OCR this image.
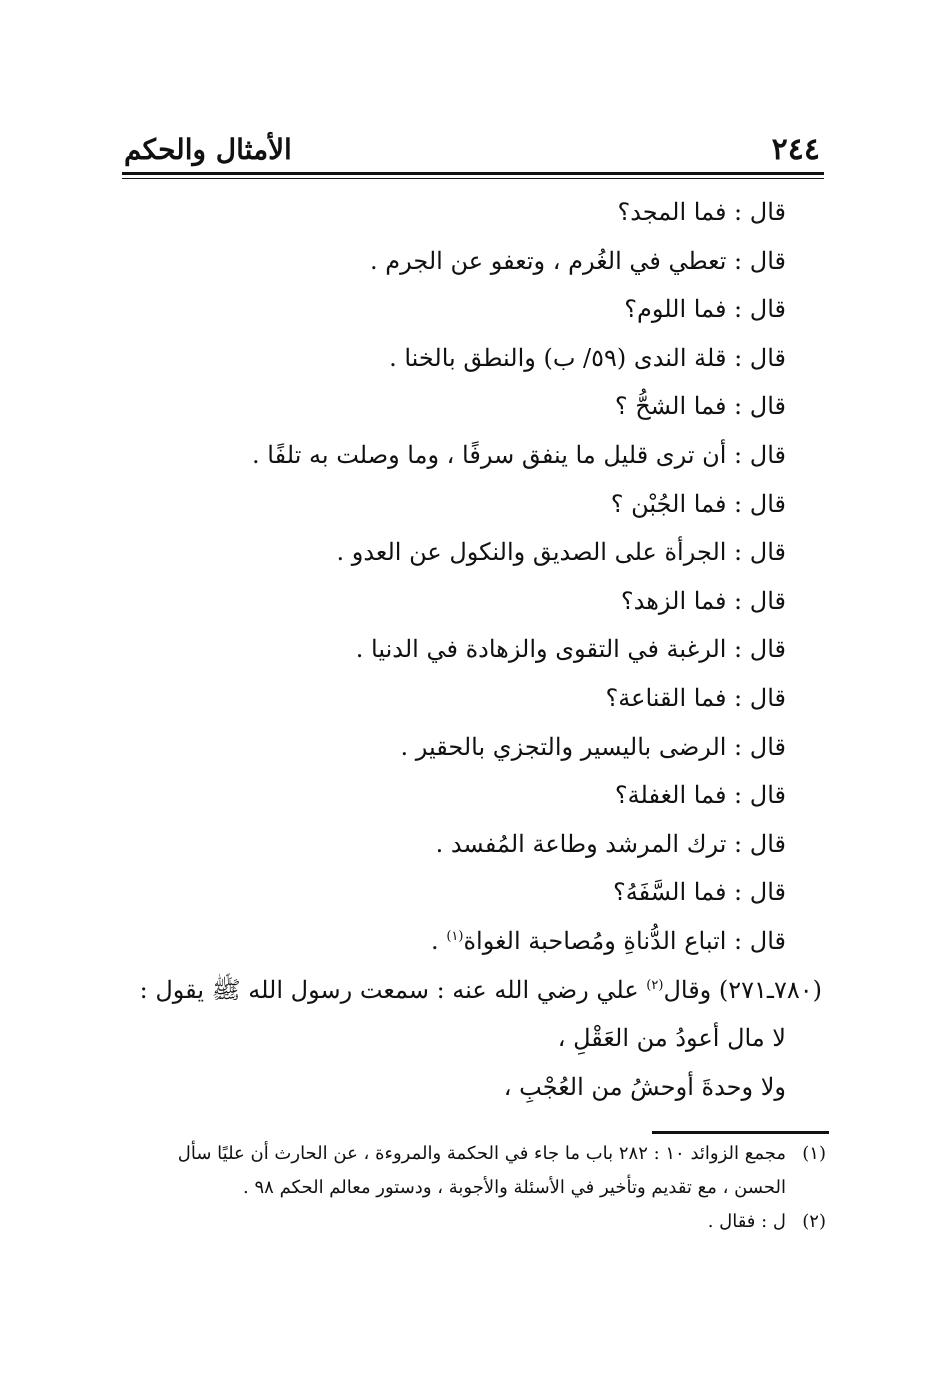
٢٤٤
الأمثال والحكم
قال : فما المجد؟
قال : تعطي في الغُرم ، وتعفو عن الجرم .
قال : فما اللوم؟
قال : قلة الندى (٥٩/ ب) والنطق بالخنا .
قال : فما الشحُّ ؟
قال : أن ترى قليل ما ينفق سرفًا ، وما وصلت به تلفًا .
قال : فما الجُبْن ؟
قال : الجرأة على الصديق والنكول عن العدو .
قال : فما الزهد؟
قال : الرغبة في التقوى والزهادة في الدنيا .
قال : فما القناعة؟
قال : الرضى باليسير والتجزي بالحقير .
قال : فما الغفلة؟
قال : ترك المرشد وطاعة المُفسد .
قال : فما السَّفَهُ؟
قال : اتباع الدُّناةِ ومُصاحبة الغواة$^{(١)}$ .
(٧٨٠ـ٢٧١) وقال$^{(٢)}$ علي رضي الله عنه : سمعت رسول الله ﷺ يقول :
لا مال أعودُ من العَقْلِ ،
ولا وحدةَ أوحشُ من العُجْبِ ،
(١)مجمع الزوائد ١٠ : ٢٨٢ باب ما جاء في الحكمة والمروءة ، عن الحارث أن عليًا سأل
الحسن ، مع تقديم وتأخير في الأسئلة والأجوبة ، ودستور معالم الحكم ٩٨ .
(٢)ل : فقال .
